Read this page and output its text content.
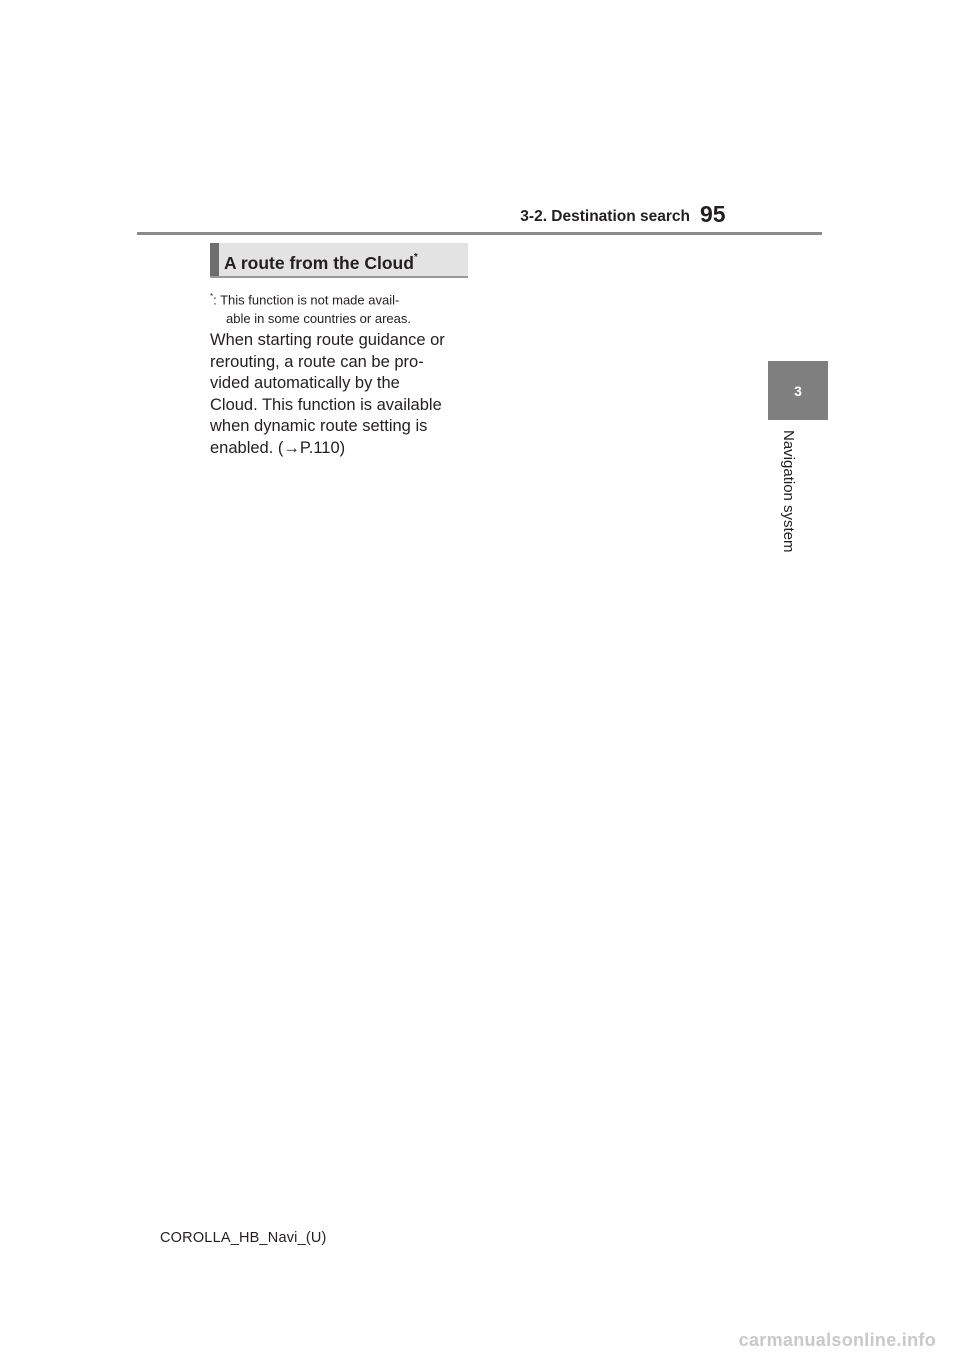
3-2. Destination search 95
3
Navigation system
A route from the Cloud*
*: This function is not made avail-
able in some countries or areas.
When starting route guidance or
rerouting, a route can be pro-
vided automatically by the
Cloud. This function is available
when dynamic route setting is
enabled. (→P.110)
COROLLA_HB_Navi_(U)
carmanualsonline.info
